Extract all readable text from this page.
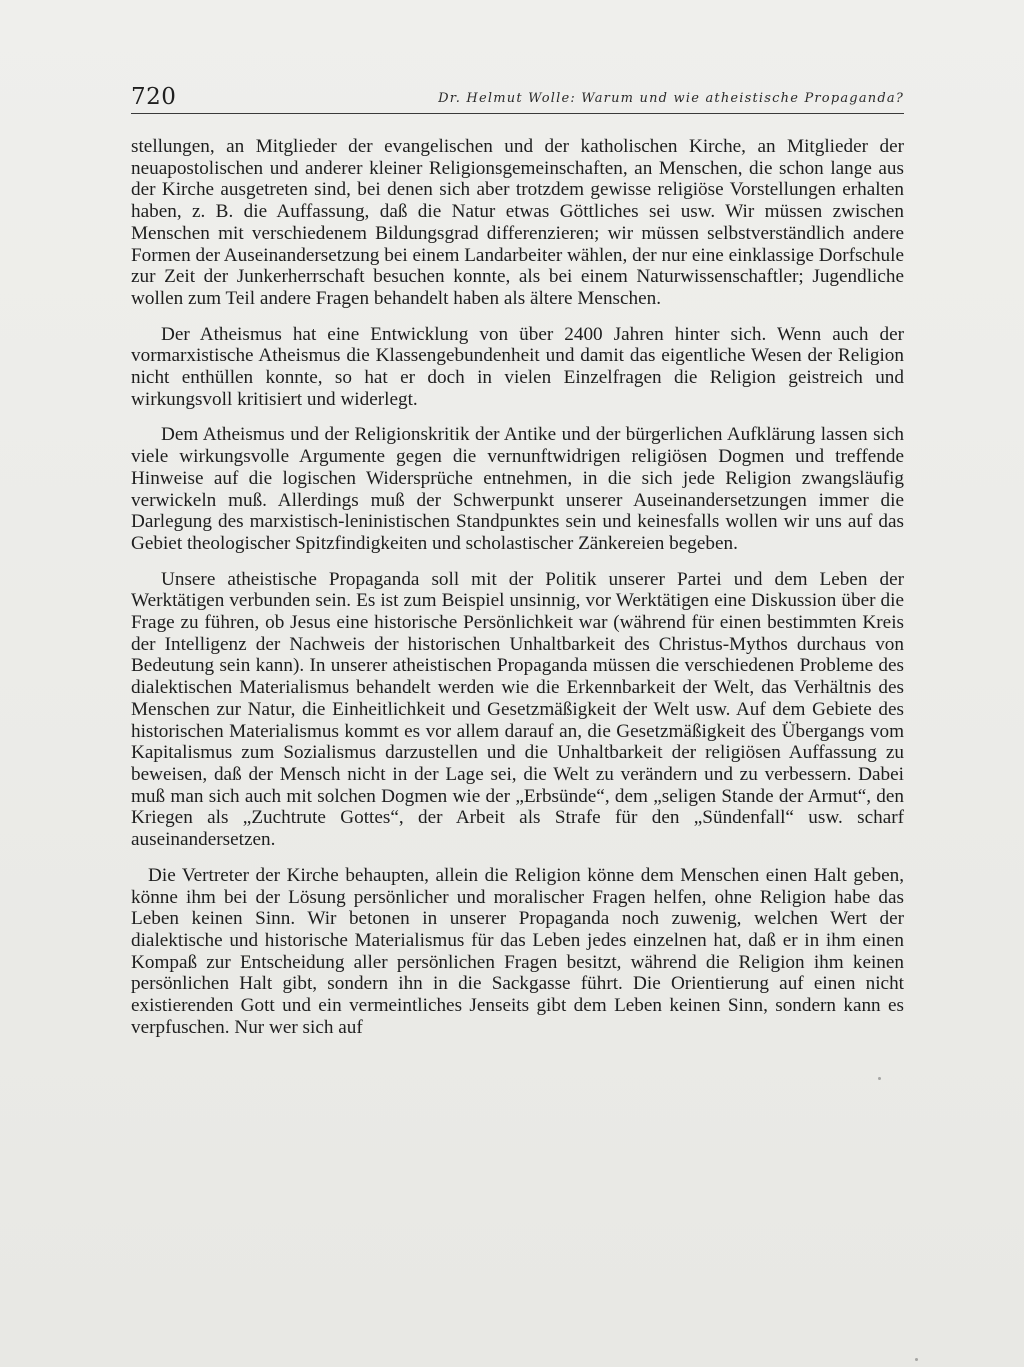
720	Dr. Helmut Wolle: Warum und wie atheistische Propaganda?

stellungen, an Mitglieder der evangelischen und der katholischen Kirche, an Mitglieder der neuapostolischen und anderer kleiner Religionsgemeinschaften, an Menschen, die schon lange aus der Kirche ausgetreten sind, bei denen sich aber trotzdem gewisse religiöse Vorstellungen erhalten haben, z. B. die Auffassung, daß die Natur etwas Göttliches sei usw. Wir müssen zwischen Menschen mit verschiedenem Bildungsgrad differenzieren; wir müssen selbstverständlich andere Formen der Auseinandersetzung bei einem Landarbeiter wählen, der nur eine einklassige Dorfschule zur Zeit der Junkerherrschaft besuchen konnte, als bei einem Naturwissenschaftler; Jugendliche wollen zum Teil andere Fragen behandelt haben als ältere Menschen.

Der Atheismus hat eine Entwicklung von über 2400 Jahren hinter sich. Wenn auch der vormarxistische Atheismus die Klassengebundenheit und damit das eigentliche Wesen der Religion nicht enthüllen konnte, so hat er doch in vielen Einzelfragen die Religion geistreich und wirkungsvoll kritisiert und widerlegt.

Dem Atheismus und der Religionskritik der Antike und der bürgerlichen Aufklärung lassen sich viele wirkungsvolle Argumente gegen die vernunftwidrigen religiösen Dogmen und treffende Hinweise auf die logischen Widersprüche entnehmen, in die sich jede Religion zwangsläufig verwickeln muß. Allerdings muß der Schwerpunkt unserer Auseinandersetzungen immer die Darlegung des marxistisch-leninistischen Standpunktes sein und keinesfalls wollen wir uns auf das Gebiet theologischer Spitzfindigkeiten und scholastischer Zänkereien begeben.

Unsere atheistische Propaganda soll mit der Politik unserer Partei und dem Leben der Werktätigen verbunden sein. Es ist zum Beispiel unsinnig, vor Werktätigen eine Diskussion über die Frage zu führen, ob Jesus eine historische Persönlichkeit war (während für einen bestimmten Kreis der Intelligenz der Nachweis der historischen Unhaltbarkeit des Christus-Mythos durchaus von Bedeutung sein kann). In unserer atheistischen Propaganda müssen die verschiedenen Probleme des dialektischen Materialismus behandelt werden wie die Erkennbarkeit der Welt, das Verhältnis des Menschen zur Natur, die Einheitlichkeit und Gesetzmäßigkeit der Welt usw. Auf dem Gebiete des historischen Materialismus kommt es vor allem darauf an, die Gesetzmäßigkeit des Übergangs vom Kapitalismus zum Sozialismus darzustellen und die Unhaltbarkeit der religiösen Auffassung zu beweisen, daß der Mensch nicht in der Lage sei, die Welt zu verändern und zu verbessern. Dabei muß man sich auch mit solchen Dogmen wie der „Erbsünde“, dem „seligen Stande der Armut“, den Kriegen als „Zuchtrute Gottes“, der Arbeit als Strafe für den „Sündenfall“ usw. scharf auseinandersetzen.

Die Vertreter der Kirche behaupten, allein die Religion könne dem Menschen einen Halt geben, könne ihm bei der Lösung persönlicher und moralischer Fragen helfen, ohne Religion habe das Leben keinen Sinn. Wir betonen in unserer Propaganda noch zuwenig, welchen Wert der dialektische und historische Materialismus für das Leben jedes einzelnen hat, daß er in ihm einen Kompaß zur Entscheidung aller persönlichen Fragen besitzt, während die Religion ihm keinen persönlichen Halt gibt, sondern ihn in die Sackgasse führt. Die Orientierung auf einen nicht existierenden Gott und ein vermeintliches Jenseits gibt dem Leben keinen Sinn, sondern kann es verpfuschen. Nur wer sich auf
